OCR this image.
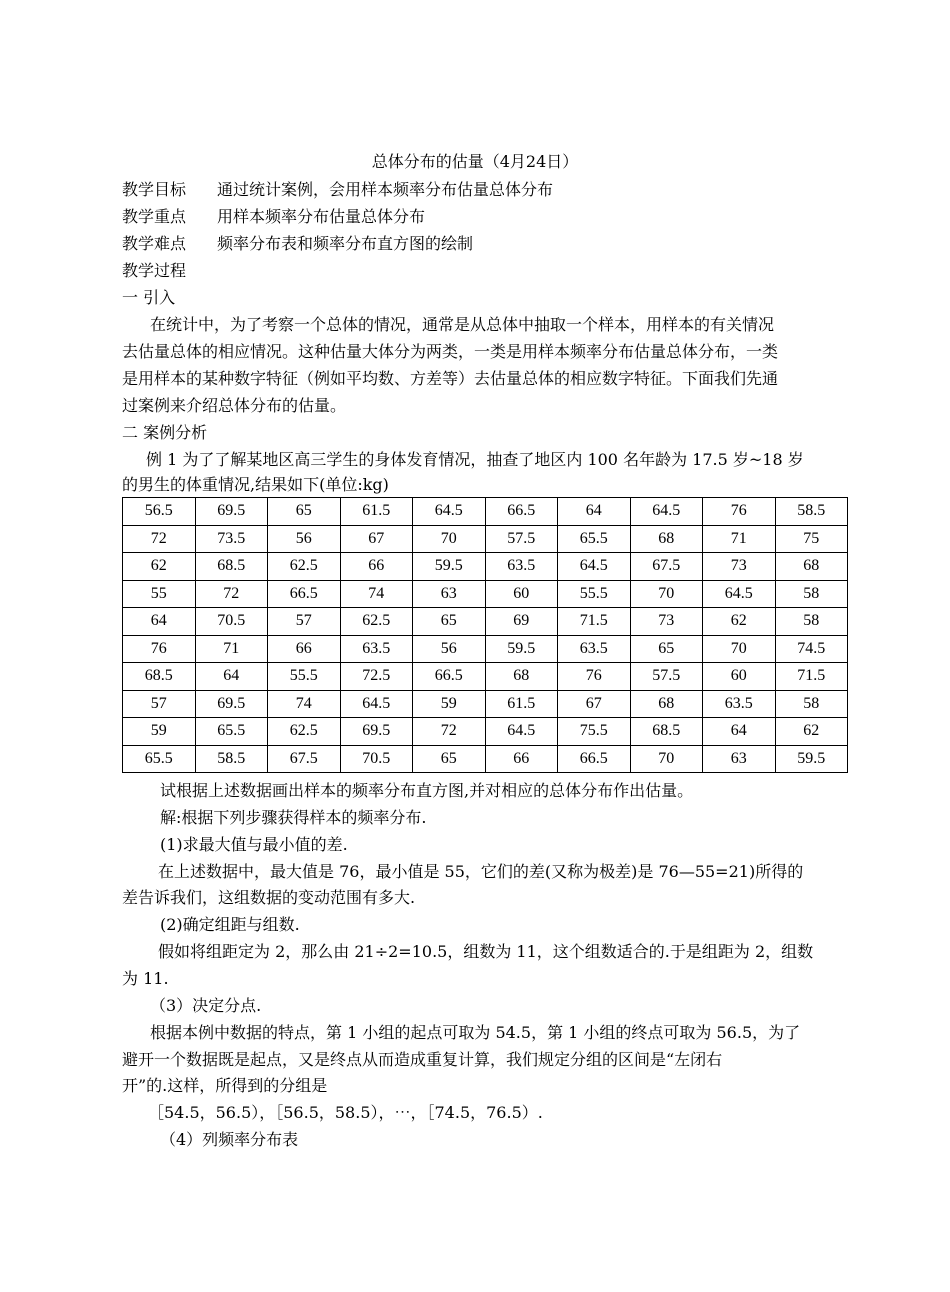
总体分布的估量（4月24日）
教学目标 通过统计案例，会用样本频率分布估量总体分布
教学重点 用样本频率分布估量总体分布
教学难点 频率分布表和频率分布直方图的绘制
教学过程
一 引入
在统计中，为了考察一个总体的情况，通常是从总体中抽取一个样本，用样本的有关情况
去估量总体的相应情况。这种估量大体分为两类，一类是用样本频率分布估量总体分布，一类
是用样本的某种数字特征（例如平均数、方差等）去估量总体的相应数字特征。下面我们先通
过案例来介绍总体分布的估量。
二 案例分析
例 1 为了了解某地区高三学生的身体发育情况，抽查了地区内 100 名年龄为 17.5 岁~18 岁
的男生的体重情况,结果如下(单位:kg)
56.5	69.5	65	61.5	64.5	66.5	64	64.5	76	58.5
72	73.5	56	67	70	57.5	65.5	68	71	75
62	68.5	62.5	66	59.5	63.5	64.5	67.5	73	68
55	72	66.5	74	63	60	55.5	70	64.5	58
64	70.5	57	62.5	65	69	71.5	73	62	58
76	71	66	63.5	56	59.5	63.5	65	70	74.5
68.5	64	55.5	72.5	66.5	68	76	57.5	60	71.5
57	69.5	74	64.5	59	61.5	67	68	63.5	58
59	65.5	62.5	69.5	72	64.5	75.5	68.5	64	62
65.5	58.5	67.5	70.5	65	66	66.5	70	63	59.5
试根据上述数据画出样本的频率分布直方图,并对相应的总体分布作出估量。
解:根据下列步骤获得样本的频率分布.
(1)求最大值与最小值的差.
在上述数据中，最大值是 76，最小值是 55，它们的差(又称为极差)是 76—55=21)所得的
差告诉我们，这组数据的变动范围有多大.
(2)确定组距与组数.
假如将组距定为 2，那么由 21÷2=10.5，组数为 11，这个组数适合的.于是组距为 2，组数
为 11.
（3）决定分点.
根据本例中数据的特点，第 1 小组的起点可取为 54.5，第 1 小组的终点可取为 56.5，为了
避开一个数据既是起点，又是终点从而造成重复计算，我们规定分组的区间是“左闭右
开”的.这样，所得到的分组是
［54.5，56.5），［56.5，58.5），⋯，［74.5，76.5）.
（4）列频率分布表
